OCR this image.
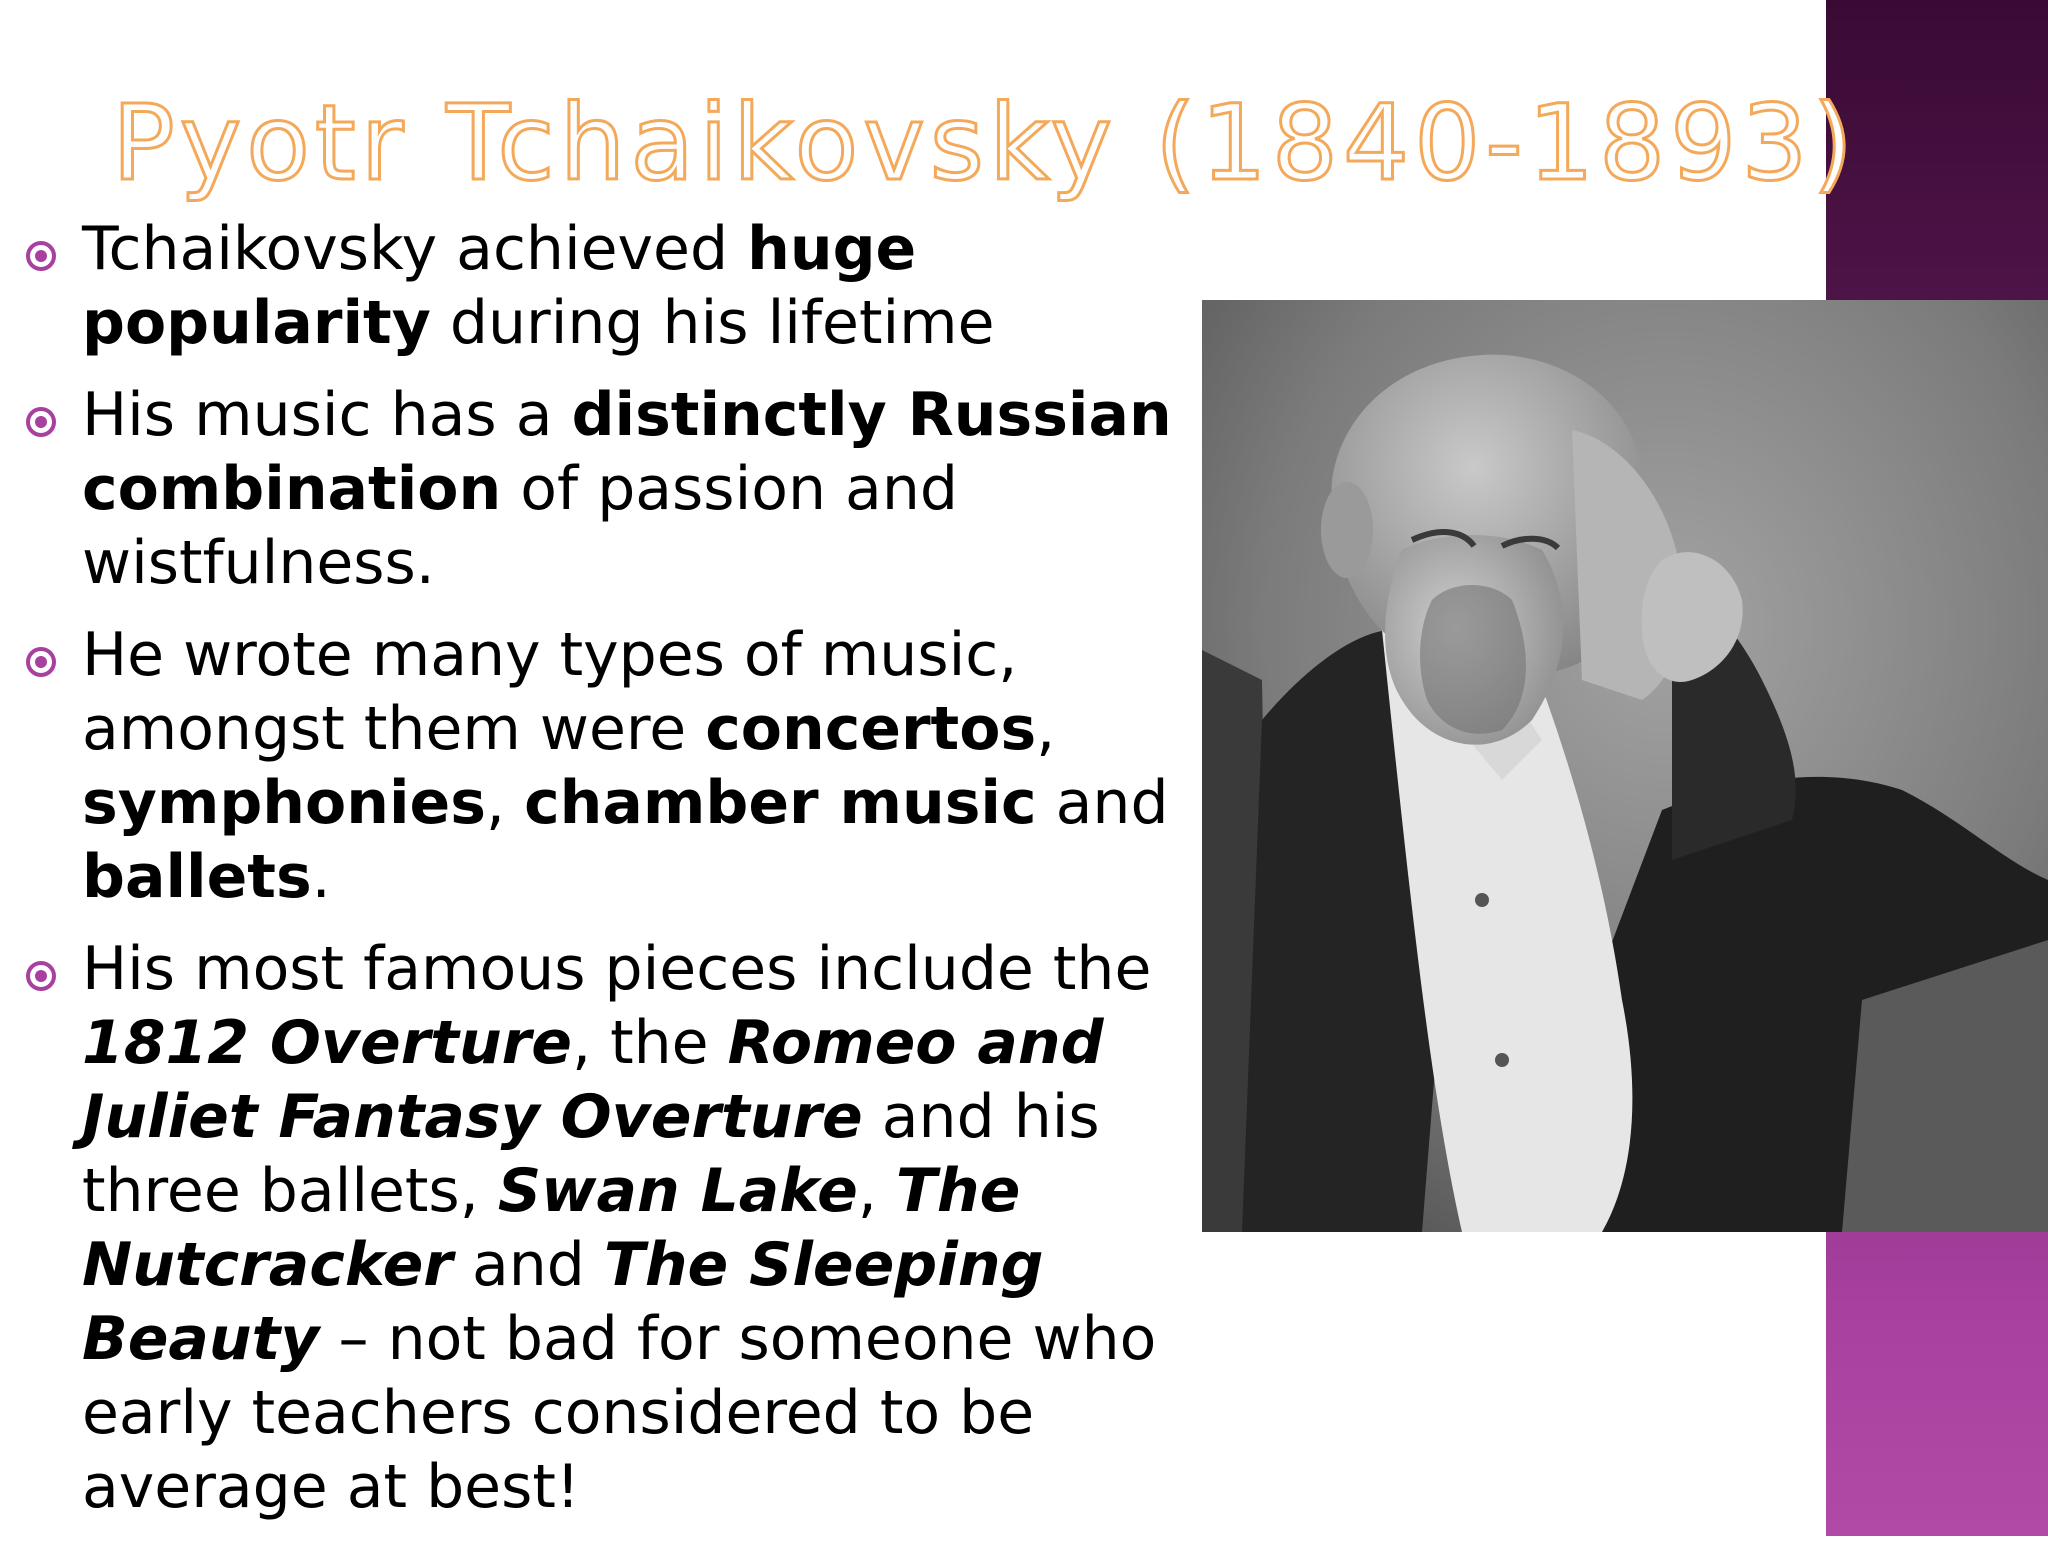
Pyotr Tchaikovsky (1840-1893)
Tchaikovsky achieved huge popularity during his lifetime
His music has a distinctly Russian combination of passion and wistfulness.
He wrote many types of music, amongst them were concertos, symphonies, chamber music and ballets.
His most famous pieces include the 1812 Overture, the Romeo and Juliet Fantasy Overture and his three ballets, Swan Lake, The Nutcracker and The Sleeping Beauty – not bad for someone who early teachers considered to be average at best!
